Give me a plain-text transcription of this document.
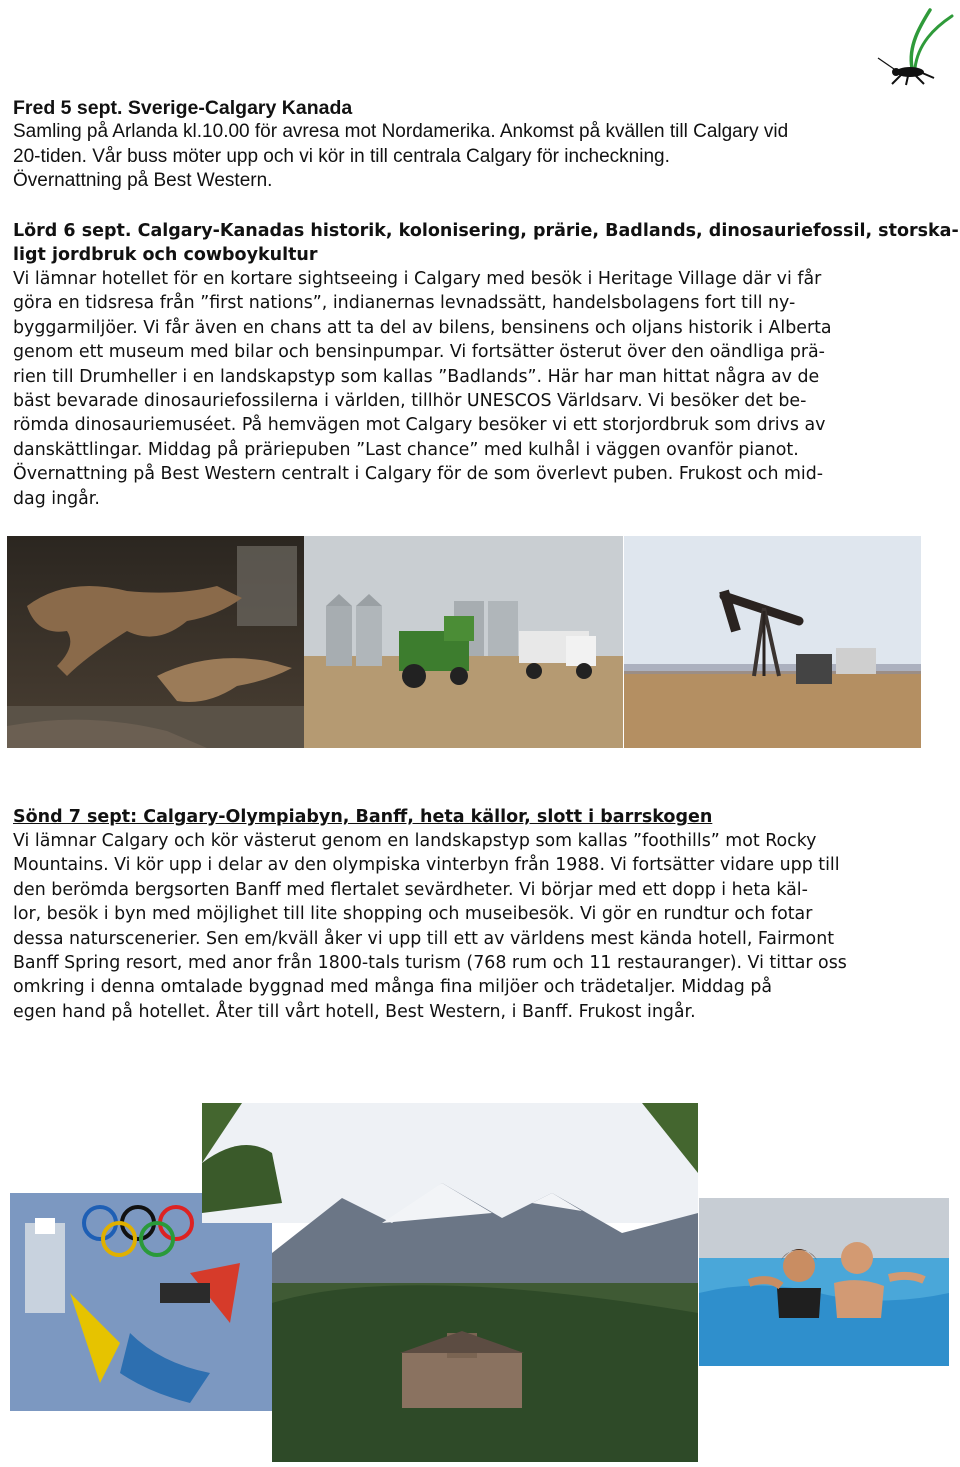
Fred 5 sept. Sverige-Calgary Kanada
Samling på Arlanda kl.10.00 för avresa mot Nordamerika. Ankomst på kvällen till Calgary vid
20-tiden. Vår buss möter upp och vi kör in till centrala Calgary för incheckning.
Övernattning på Best Western.
Lörd 6 sept. Calgary-Kanadas historik, kolonisering, prärie, Badlands, dinosauriefossil, storska-
ligt jordbruk och cowboykultur
Vi lämnar hotellet för en kortare sightseeing i Calgary med besök i Heritage Village där vi får
göra en tidsresa från ”first nations”, indianernas levnadssätt, handelsbolagens fort till ny-
byggarmiljöer. Vi får även en chans att ta del av bilens, bensinens och oljans historik i Alberta
genom ett museum med bilar och bensinpumpar. Vi fortsätter österut över den oändliga prä-
rien till Drumheller i en landskapstyp som kallas ”Badlands”. Här har man hittat några av de
bäst bevarade dinosauriefossilerna i världen, tillhör UNESCOS Världsarv. Vi besöker det be-
römda dinosauriemuséet. På hemvägen mot Calgary besöker vi ett storjordbruk som drivs av
danskättlingar. Middag på präriepuben ”Last chance” med kulhål i väggen ovanför pianot.
Övernattning på Best Western centralt i Calgary för de som överlevt puben. Frukost och mid-
dag ingår.
Sönd 7 sept: Calgary-Olympiabyn, Banff, heta källor, slott i barrskogen
Vi lämnar Calgary och kör västerut genom en landskapstyp som kallas ”foothills” mot Rocky
Mountains. Vi kör upp i delar av den olympiska vinterbyn från 1988. Vi fortsätter vidare upp till
den berömda bergsorten Banff med flertalet sevärdheter. Vi börjar med ett dopp i heta käl-
lor, besök i byn med möjlighet till lite shopping och museibesök. Vi gör en rundtur och fotar
dessa naturscenerier. Sen em/kväll åker vi upp till ett av världens mest kända hotell, Fairmont
Banff Spring resort, med anor från 1800-tals turism (768 rum och 11 restauranger). Vi tittar oss
omkring i denna omtalade byggnad med många fina miljöer och trädetaljer. Middag på
egen hand på hotellet. Åter till vårt hotell, Best Western, i Banff. Frukost ingår.
